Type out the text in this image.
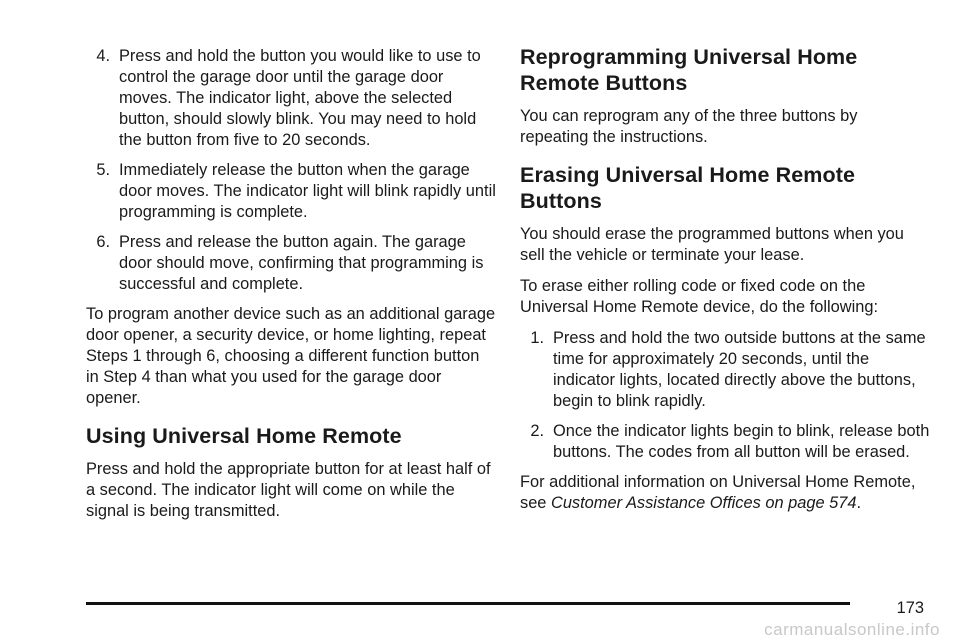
4. Press and hold the button you would like to use to control the garage door until the garage door moves. The indicator light, above the selected button, should slowly blink. You may need to hold the button from five to 20 seconds.
5. Immediately release the button when the garage door moves. The indicator light will blink rapidly until programming is complete.
6. Press and release the button again. The garage door should move, confirming that programming is successful and complete.

To program another device such as an additional garage door opener, a security device, or home lighting, repeat Steps 1 through 6, choosing a different function button in Step 4 than what you used for the garage door opener.

Using Universal Home Remote

Press and hold the appropriate button for at least half of a second. The indicator light will come on while the signal is being transmitted.

Reprogramming Universal Home Remote Buttons

You can reprogram any of the three buttons by repeating the instructions.

Erasing Universal Home Remote Buttons

You should erase the programmed buttons when you sell the vehicle or terminate your lease.

To erase either rolling code or fixed code on the Universal Home Remote device, do the following:

1. Press and hold the two outside buttons at the same time for approximately 20 seconds, until the indicator lights, located directly above the buttons, begin to blink rapidly.
2. Once the indicator lights begin to blink, release both buttons. The codes from all button will be erased.

For additional information on Universal Home Remote, see Customer Assistance Offices on page 574.

173
carmanualsonline.info
